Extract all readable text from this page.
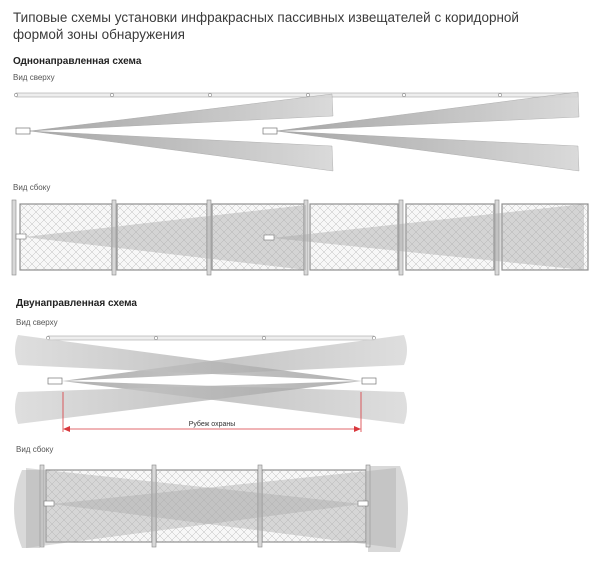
Типовые схемы установки инфракрасных пассивных извещателей с коридорной формой зоны обнаружения
Однонаправленная схема
Вид сверху
Вид сбоку
Двунаправленная схема
Вид сверху
Вид сбоку
Рубеж охраны
